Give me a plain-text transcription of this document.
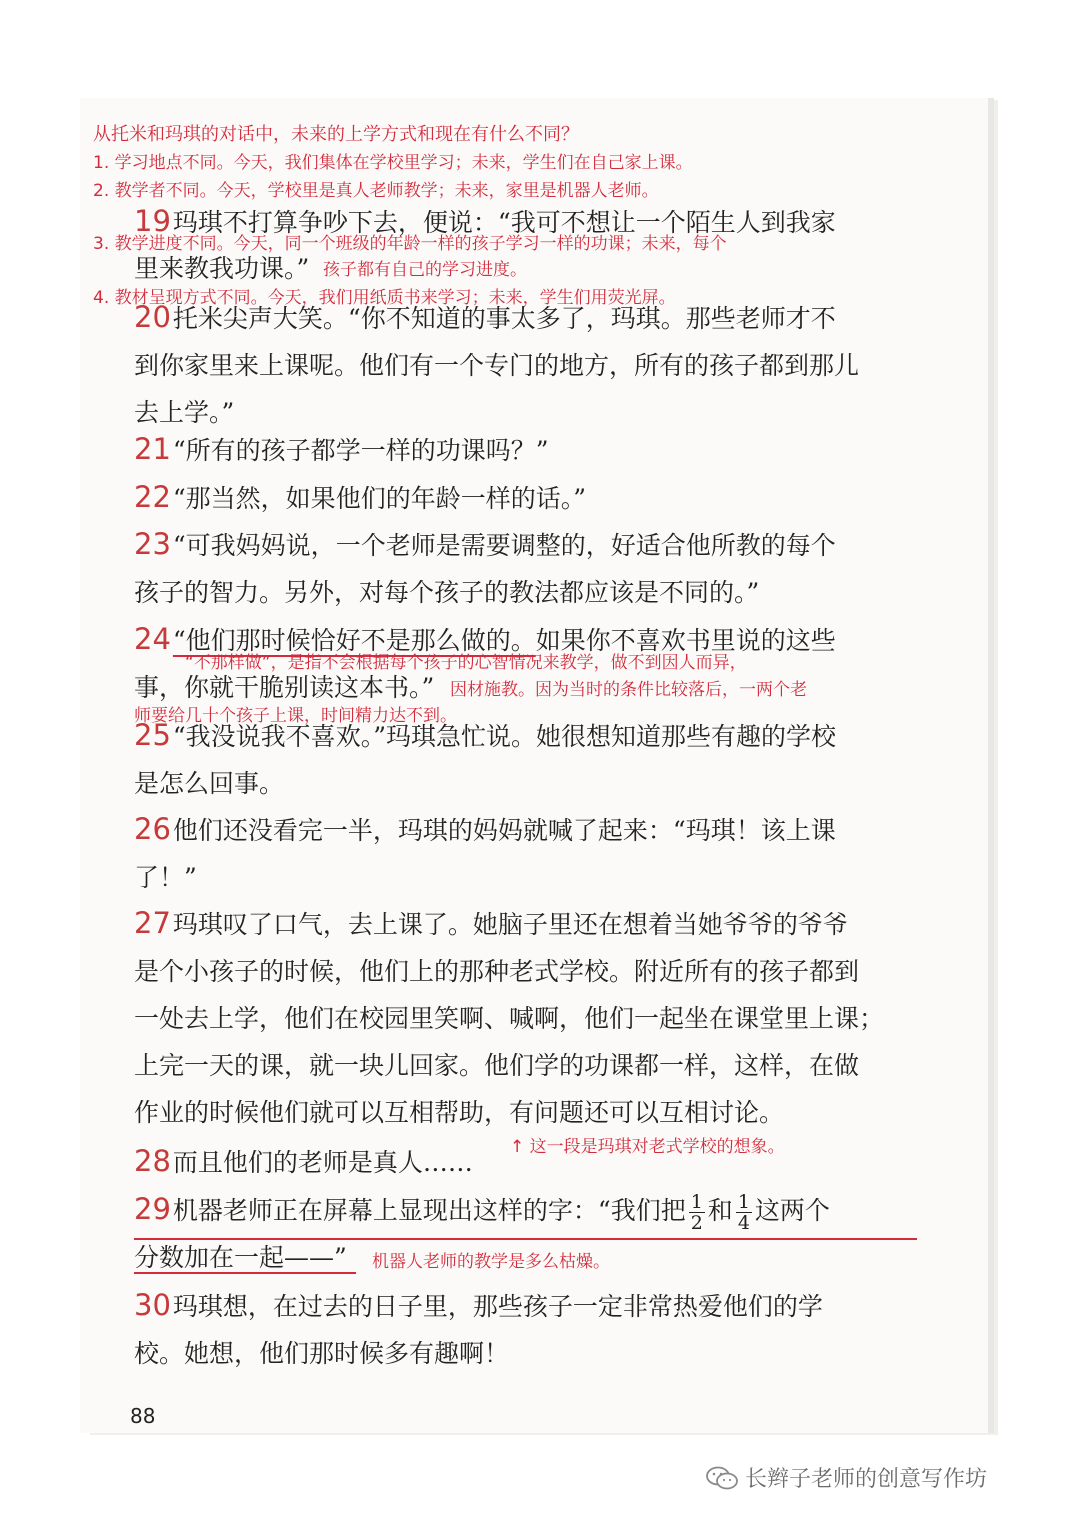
从托米和玛琪的对话中，未来的上学方式和现在有什么不同？
1. 学习地点不同。今天，我们集体在学校里学习；未来，学生们在自己家上课。
2. 教学者不同。今天，学校里是真人老师教学；未来，家里是机器人老师。
19玛琪不打算争吵下去，便说：“我可不想让一个陌生人到我家
3. 教学进度不同。今天，同一个班级的年龄一样的孩子学习一样的功课；未来，每个
里来教我功课。” 孩子都有自己的学习进度。
4. 教材呈现方式不同。今天，我们用纸质书来学习；未来，学生们用荧光屏。
20托米尖声大笑。“你不知道的事太多了，玛琪。那些老师才不
到你家里来上课呢。他们有一个专门的地方，所有的孩子都到那儿
去上学。”
21“所有的孩子都学一样的功课吗？”
22“那当然，如果他们的年龄一样的话。”
23“可我妈妈说，一个老师是需要调整的，好适合他所教的每个
孩子的智力。另外，对每个孩子的教法都应该是不同的。”
24“他们那时候恰好不是那么做的。如果你不喜欢书里说的这些
“不那样做”，是指不会根据每个孩子的心智情况来教学，做不到因人而异，
事，你就干脆别读这本书。” 因材施教。因为当时的条件比较落后，一两个老
师要给几十个孩子上课，时间精力达不到。
25“我没说我不喜欢。”玛琪急忙说。她很想知道那些有趣的学校
是怎么回事。
26他们还没看完一半，玛琪的妈妈就喊了起来：“玛琪！该上课
了！”
27玛琪叹了口气，去上课了。她脑子里还在想着当她爷爷的爷爷
是个小孩子的时候，他们上的那种老式学校。附近所有的孩子都到
一处去上学，他们在校园里笑啊、喊啊，他们一起坐在课堂里上课；
上完一天的课，就一块儿回家。他们学的功课都一样，这样，在做
作业的时候他们就可以互相帮助，有问题还可以互相讨论。
28而且他们的老师是真人……
↑ 这一段是玛琪对老式学校的想象。
29机器老师正在屏幕上显现出这样的字：“我们把 $\frac{1}{2}$ 和 $\frac{1}{4}$ 这两个
分数加在一起——”	机器人老师的教学是多么枯燥。
30玛琪想，在过去的日子里，那些孩子一定非常热爱他们的学
校。她想，他们那时候多有趣啊！
88
长辫子老师的创意写作坊
